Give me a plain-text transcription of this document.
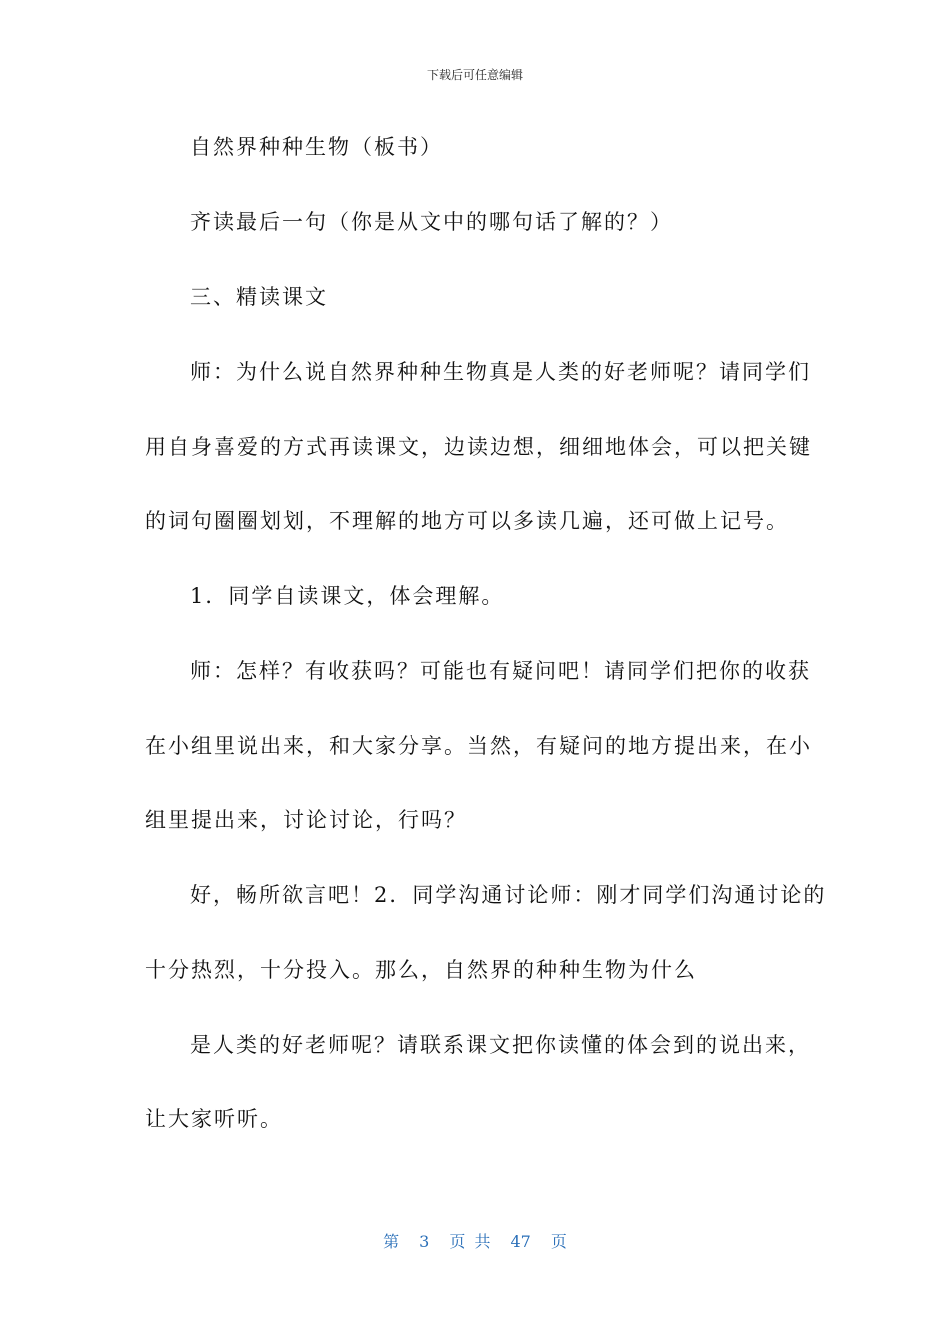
下载后可任意编辑
自然界种种生物（板书）
齐读最后一句（你是从文中的哪句话了解的？）
三、精读课文
师：为什么说自然界种种生物真是人类的好老师呢？请同学们
用自身喜爱的方式再读课文，边读边想，细细地体会，可以把关键
的词句圈圈划划，不理解的地方可以多读几遍，还可做上记号。
1．同学自读课文，体会理解。
师：怎样？有收获吗？可能也有疑问吧！请同学们把你的收获
在小组里说出来，和大家分享。当然，有疑问的地方提出来，在小
组里提出来，讨论讨论，行吗？
好，畅所欲言吧！2．同学沟通讨论师：刚才同学们沟通讨论的
十分热烈，十分投入。那么，自然界的种种生物为什么
是人类的好老师呢？请联系课文把你读懂的体会到的说出来，
让大家听听。
第 3 页 共 47 页
